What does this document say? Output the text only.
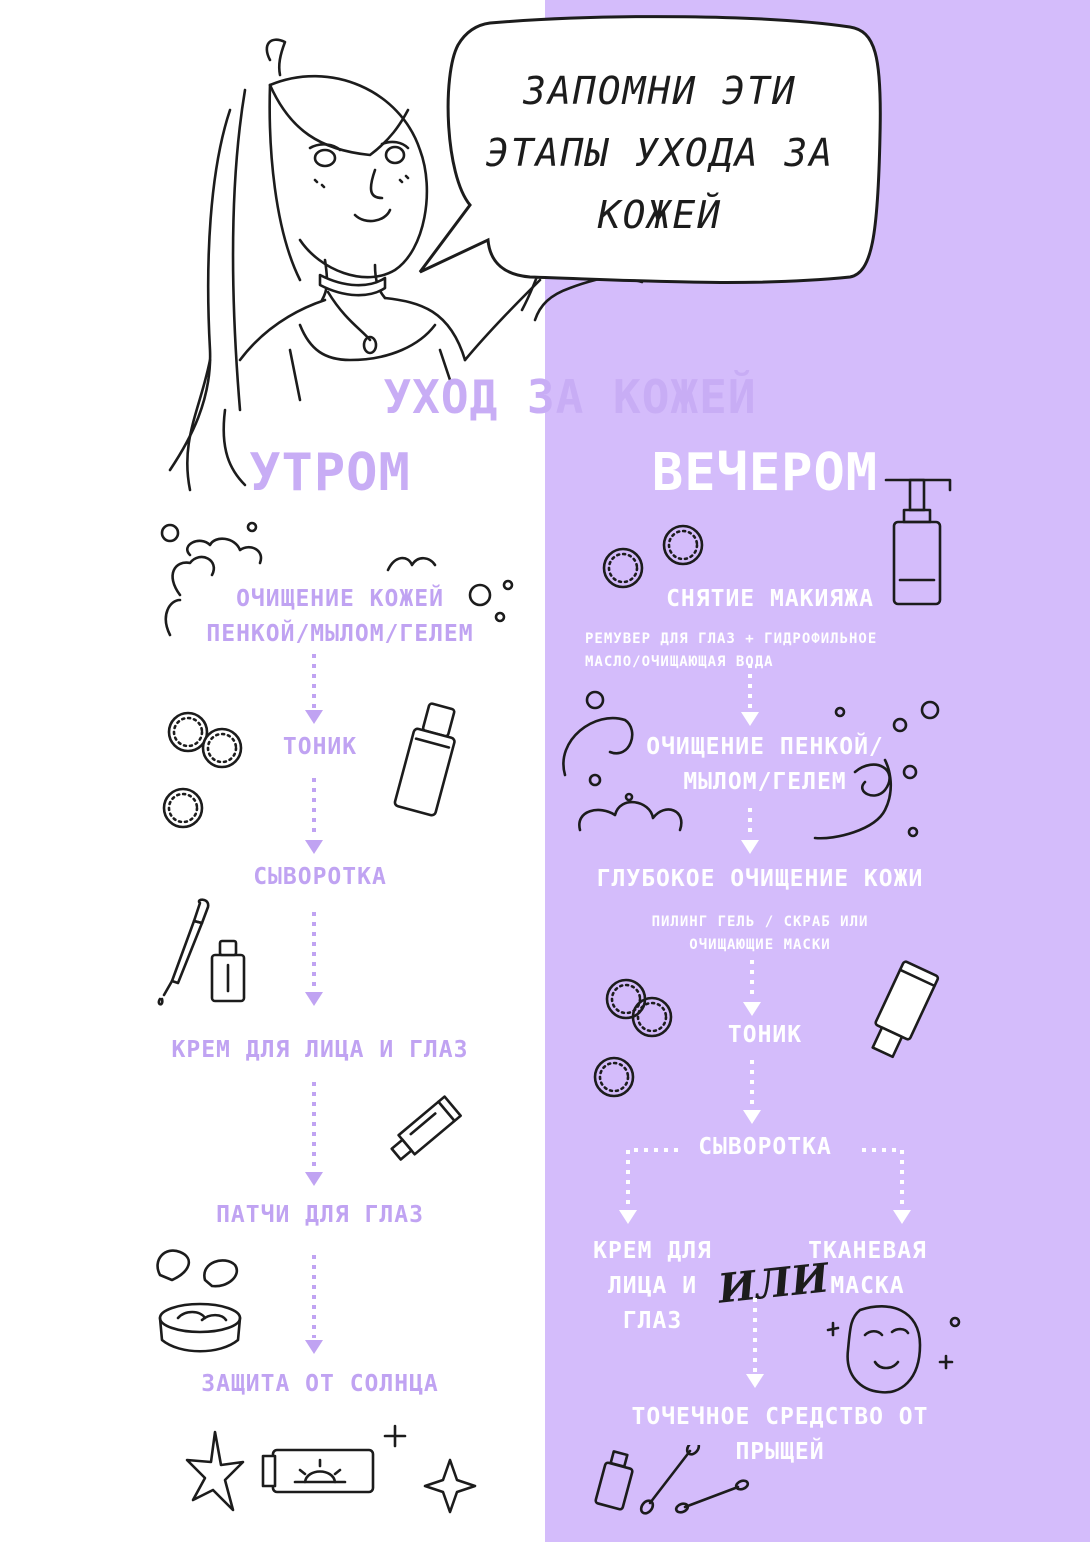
ЗАПОМНИ ЭТИ
ЭТАПЫ УХОДА ЗА
КОЖЕЙ
УХОД ЗА КОЖЕЙ
УТРОМ	ВЕЧЕРОМ
ОЧИЩЕНИЕ КОЖЕЙ ПЕНКОЙ/МЫЛОМ/ГЕЛЕМ
ТОНИК
СЫВОРОТКА
КРЕМ ДЛЯ ЛИЦА И ГЛАЗ
ПАТЧИ ДЛЯ ГЛАЗ
ЗАЩИТА ОТ СОЛНЦА
СНЯТИЕ МАКИЯЖА
РЕМУВЕР ДЛЯ ГЛАЗ + ГИДРОФИЛЬНОЕ МАСЛО/ОЧИЩАЮЩАЯ ВОДА
ОЧИЩЕНИЕ ПЕНКОЙ/ МЫЛОМ/ГЕЛЕМ
ГЛУБОКОЕ ОЧИЩЕНИЕ КОЖИ
ПИЛИНГ ГЕЛЬ / СКРАБ ИЛИ ОЧИЩАЮЩИЕ МАСКИ
ТОНИК
СЫВОРОТКА
КРЕМ ДЛЯ ЛИЦА И ГЛАЗ
ИЛИ
ТКАНЕВАЯ МАСКА
ТОЧЕЧНОЕ СРЕДСТВО ОТ ПРЫЩЕЙ
